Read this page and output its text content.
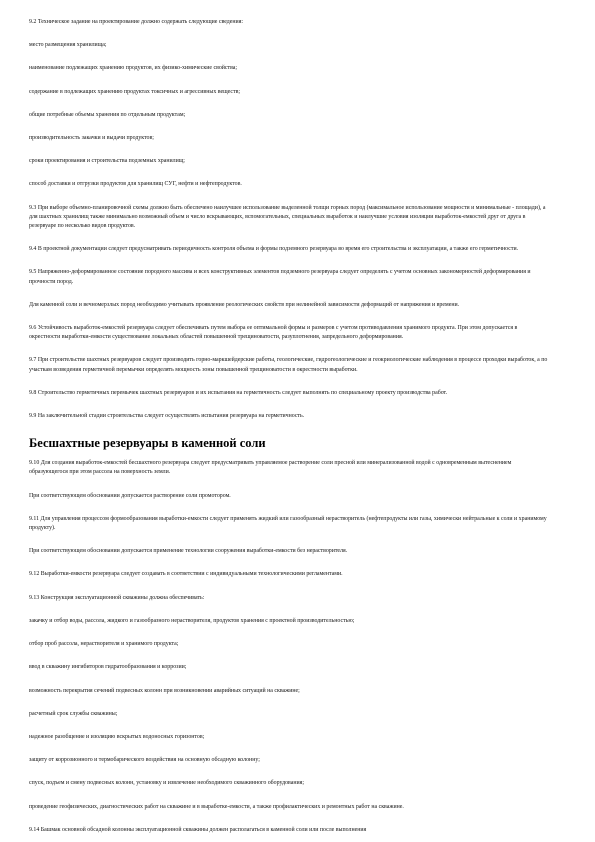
9.2 Техническое задание на проектирование должно содержать следующие сведения:

место размещения хранилища;

наименование подлежащих хранению продуктов, их физико-химические свойства;

содержание в подлежащих хранению продуктах токсичных и агрессивных веществ;

общие потребные объемы хранения по отдельным продуктам;

производительность закачки и выдачи продуктов;

сроки проектирования и строительства подземных хранилищ;

способ доставки и отгрузки продуктов для хранилищ СУГ, нефти и нефтепродуктов.

9.3 При выборе объемно-планировочной схемы должно быть обеспечено наилучшее использование выделенной толщи горных пород (максимальное использование мощности и минимальные - площади), а для шахтных хранилищ также минимально возможный объем и число вскрывающих, вспомогательных, специальных выработок и наилучшие условия изоляции выработок-емкостей друг от друга в резервуаре по несколько видов продуктов.

9.4 В проектной документации следует предусматривать периодичность контроля объема и формы подземного резервуара во время его строительства и эксплуатации, а также его герметичности.

9.5 Напряженно-деформированное состояние породного массива и всех конструктивных элементов подземного резервуара следует определять с учетом основных закономерностей деформирования и прочности пород.

Для каменной соли и вечномерзлых пород необходимо учитывать проявление реологических свойств при нелинейной зависимости деформаций от напряжения и времени.

9.6 Устойчивость выработок-емкостей резервуара следует обеспечивать путем выбора ее оптимальной формы и размеров с учетом противодавления хранимого продукта. При этом допускается в окрестности выработки-емкости существование локальных областей повышенной трещиноватости, разуплотнения, запредельного деформирования.

9.7 При строительстве шахтных резервуаров следует производить горно-маркшейдерские работы, геологические, гидрогеологические и геокриологические наблюдения в процессе проходки выработок, а по участкам возведения герметичной перемычки определять мощность зоны повышенной трещиноватости в окрестности выработки.

9.8 Строительство герметичных перемычек шахтных резервуаров и их испытания на герметичность следует выполнять по специальному проекту производства работ.

9.9 На заключительной стадии строительства следует осуществлять испытания резервуара на герметичность.

Бесшахтные резервуары в каменной соли

9.10 Для создания выработок-емкостей бесшахтного резервуара следует предусматривать управляемое растворение соли пресной или минерализованной водой с одновременным вытеснением образующегося при этом рассола на поверхность земли.

При соответствующем обосновании допускается растворение соли промотором.

9.11 Для управления процессом формообразования выработки-емкости следует применять жидкий или газообразный нерастворитель (нефтепродукты или газы, химически нейтральные к соли и хранимому продукту).

При соответствующем обосновании допускается применение технологии сооружения выработки-емкости без нерастворителя.

9.12 Выработки-емкости резервуара следует создавать в соответствии с индивидуальными технологическими регламентами.

9.13 Конструкция эксплуатационной скважины должна обеспечивать:

закачку и отбор воды, рассола, жидкого и газообразного нерастворителя, продуктов хранения с проектной производительностью;

отбор проб рассола, нерастворителя и хранимого продукта;

ввод в скважину ингибиторов гидратообразования и коррозии;

возможность перекрытия сечений подвесных колонн при возникновении аварийных ситуаций на скважине;

расчетный срок службы скважины;

надежное разобщение и изоляцию вскрытых водоносных горизонтов;

защиту от коррозионного и термобарического воздействия на основную обсадную колонну;

спуск, подъем и смену подвесных колонн, установку и извлечение необходимого скважинного оборудования;

проведение геофизических, диагностических работ на скважине и в выработке-емкости, а также профилактических и ремонтных работ на скважине.

9.14 Башмак основной обсадной колонны эксплуатационной скважины должен располагаться в каменной соли или после выполнения
